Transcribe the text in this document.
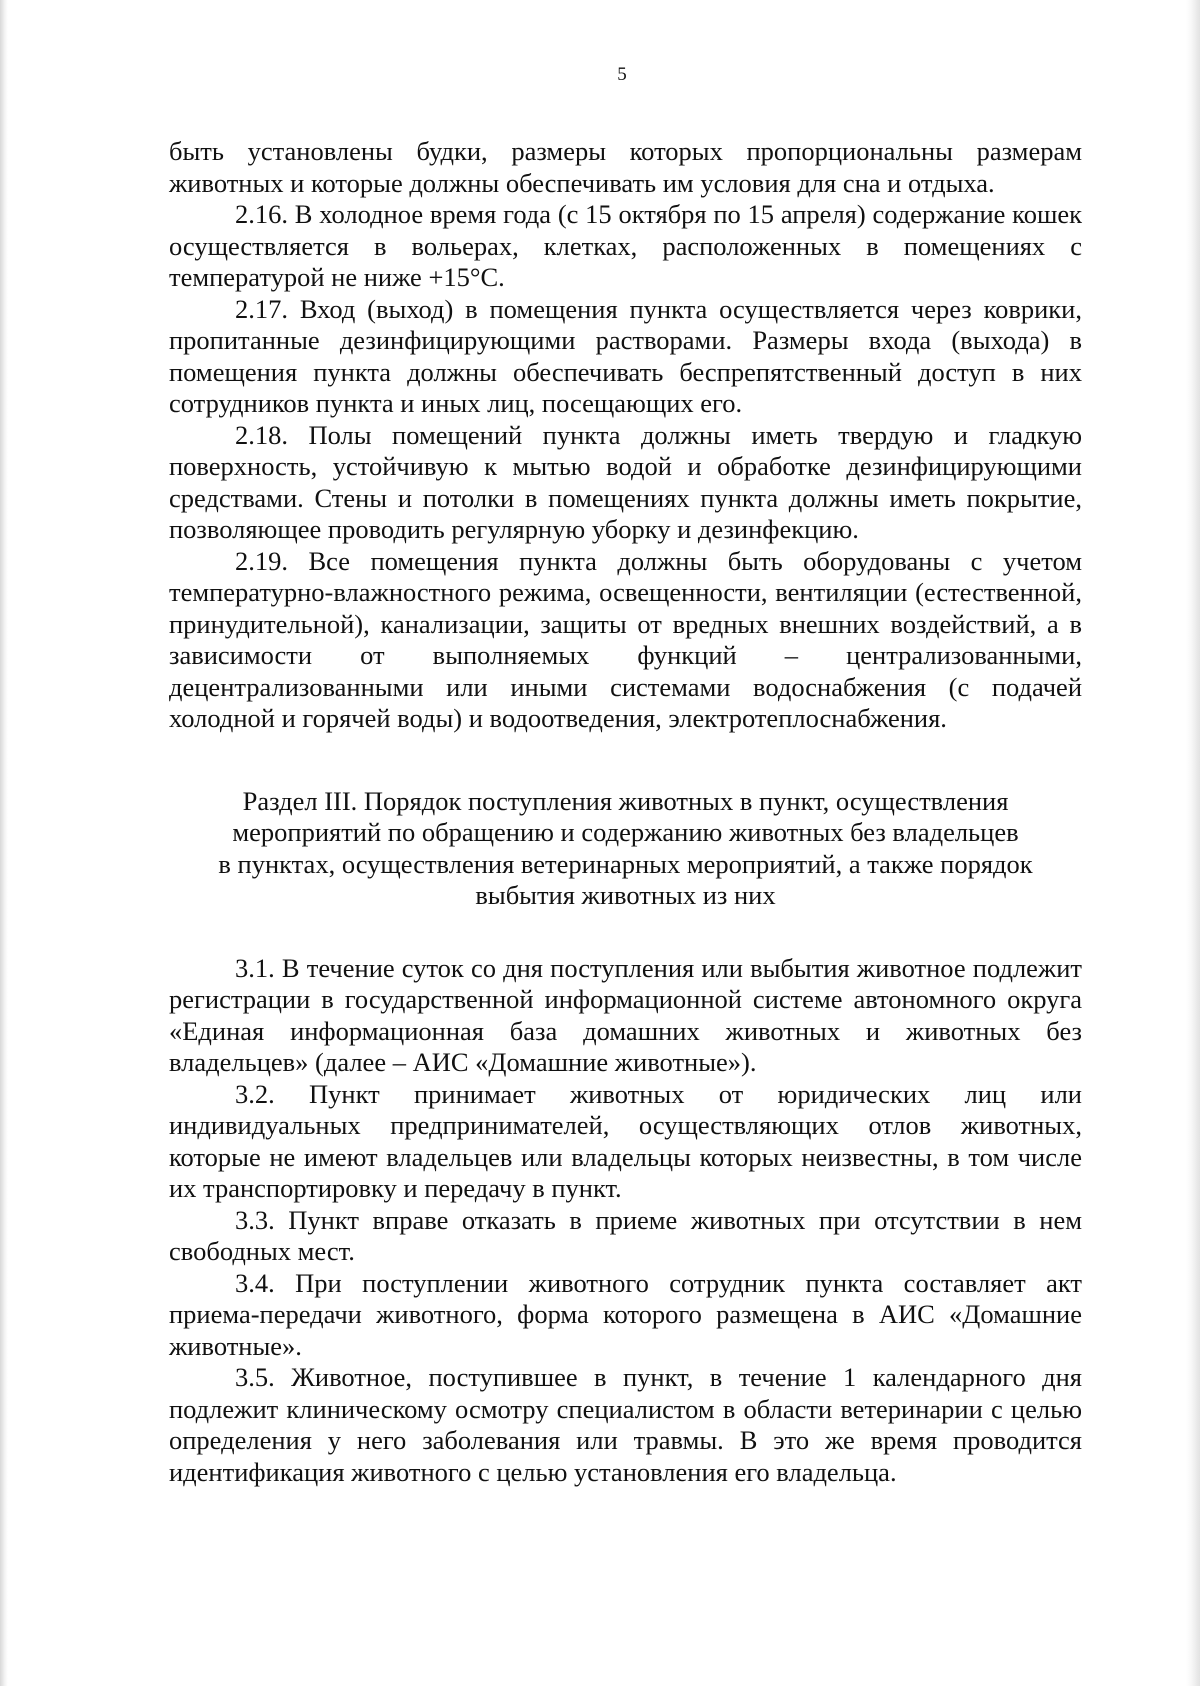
5

быть установлены будки, размеры которых пропорциональны размерам животных и которые должны обеспечивать им условия для сна и отдыха.

2.16. В холодное время года (с 15 октября по 15 апреля) содержание кошек осуществляется в вольерах, клетках, расположенных в помещениях с температурой не ниже +15°С.

2.17. Вход (выход) в помещения пункта осуществляется через коврики, пропитанные дезинфицирующими растворами. Размеры входа (выхода) в помещения пункта должны обеспечивать беспрепятственный доступ в них сотрудников пункта и иных лиц, посещающих его.

2.18. Полы помещений пункта должны иметь твердую и гладкую поверхность, устойчивую к мытью водой и обработке дезинфицирующими средствами. Стены и потолки в помещениях пункта должны иметь покрытие, позволяющее проводить регулярную уборку и дезинфекцию.

2.19. Все помещения пункта должны быть оборудованы с учетом температурно-влажностного режима, освещенности, вентиляции (естественной, принудительной), канализации, защиты от вредных внешних воздействий, а в зависимости от выполняемых функций – централизованными, децентрализованными или иными системами водоснабжения (с подачей холодной и горячей воды) и водоотведения, электротеплоснабжения.

Раздел III. Порядок поступления животных в пункт, осуществления
мероприятий по обращению и содержанию животных без владельцев
в пунктах, осуществления ветеринарных мероприятий, а также порядок
выбытия животных из них

3.1. В течение суток со дня поступления или выбытия животное подлежит регистрации в государственной информационной системе автономного округа «Единая информационная база домашних животных и животных без владельцев» (далее – АИС «Домашние животные»).

3.2. Пункт принимает животных от юридических лиц или индивидуальных предпринимателей, осуществляющих отлов животных, которые не имеют владельцев или владельцы которых неизвестны, в том числе их транспортировку и передачу в пункт.

3.3. Пункт вправе отказать в приеме животных при отсутствии в нем свободных мест.

3.4. При поступлении животного сотрудник пункта составляет акт приема-передачи животного, форма которого размещена в АИС «Домашние животные».

3.5. Животное, поступившее в пункт, в течение 1 календарного дня подлежит клиническому осмотру специалистом в области ветеринарии с целью определения у него заболевания или травмы. В это же время проводится идентификация животного с целью установления его владельца.
